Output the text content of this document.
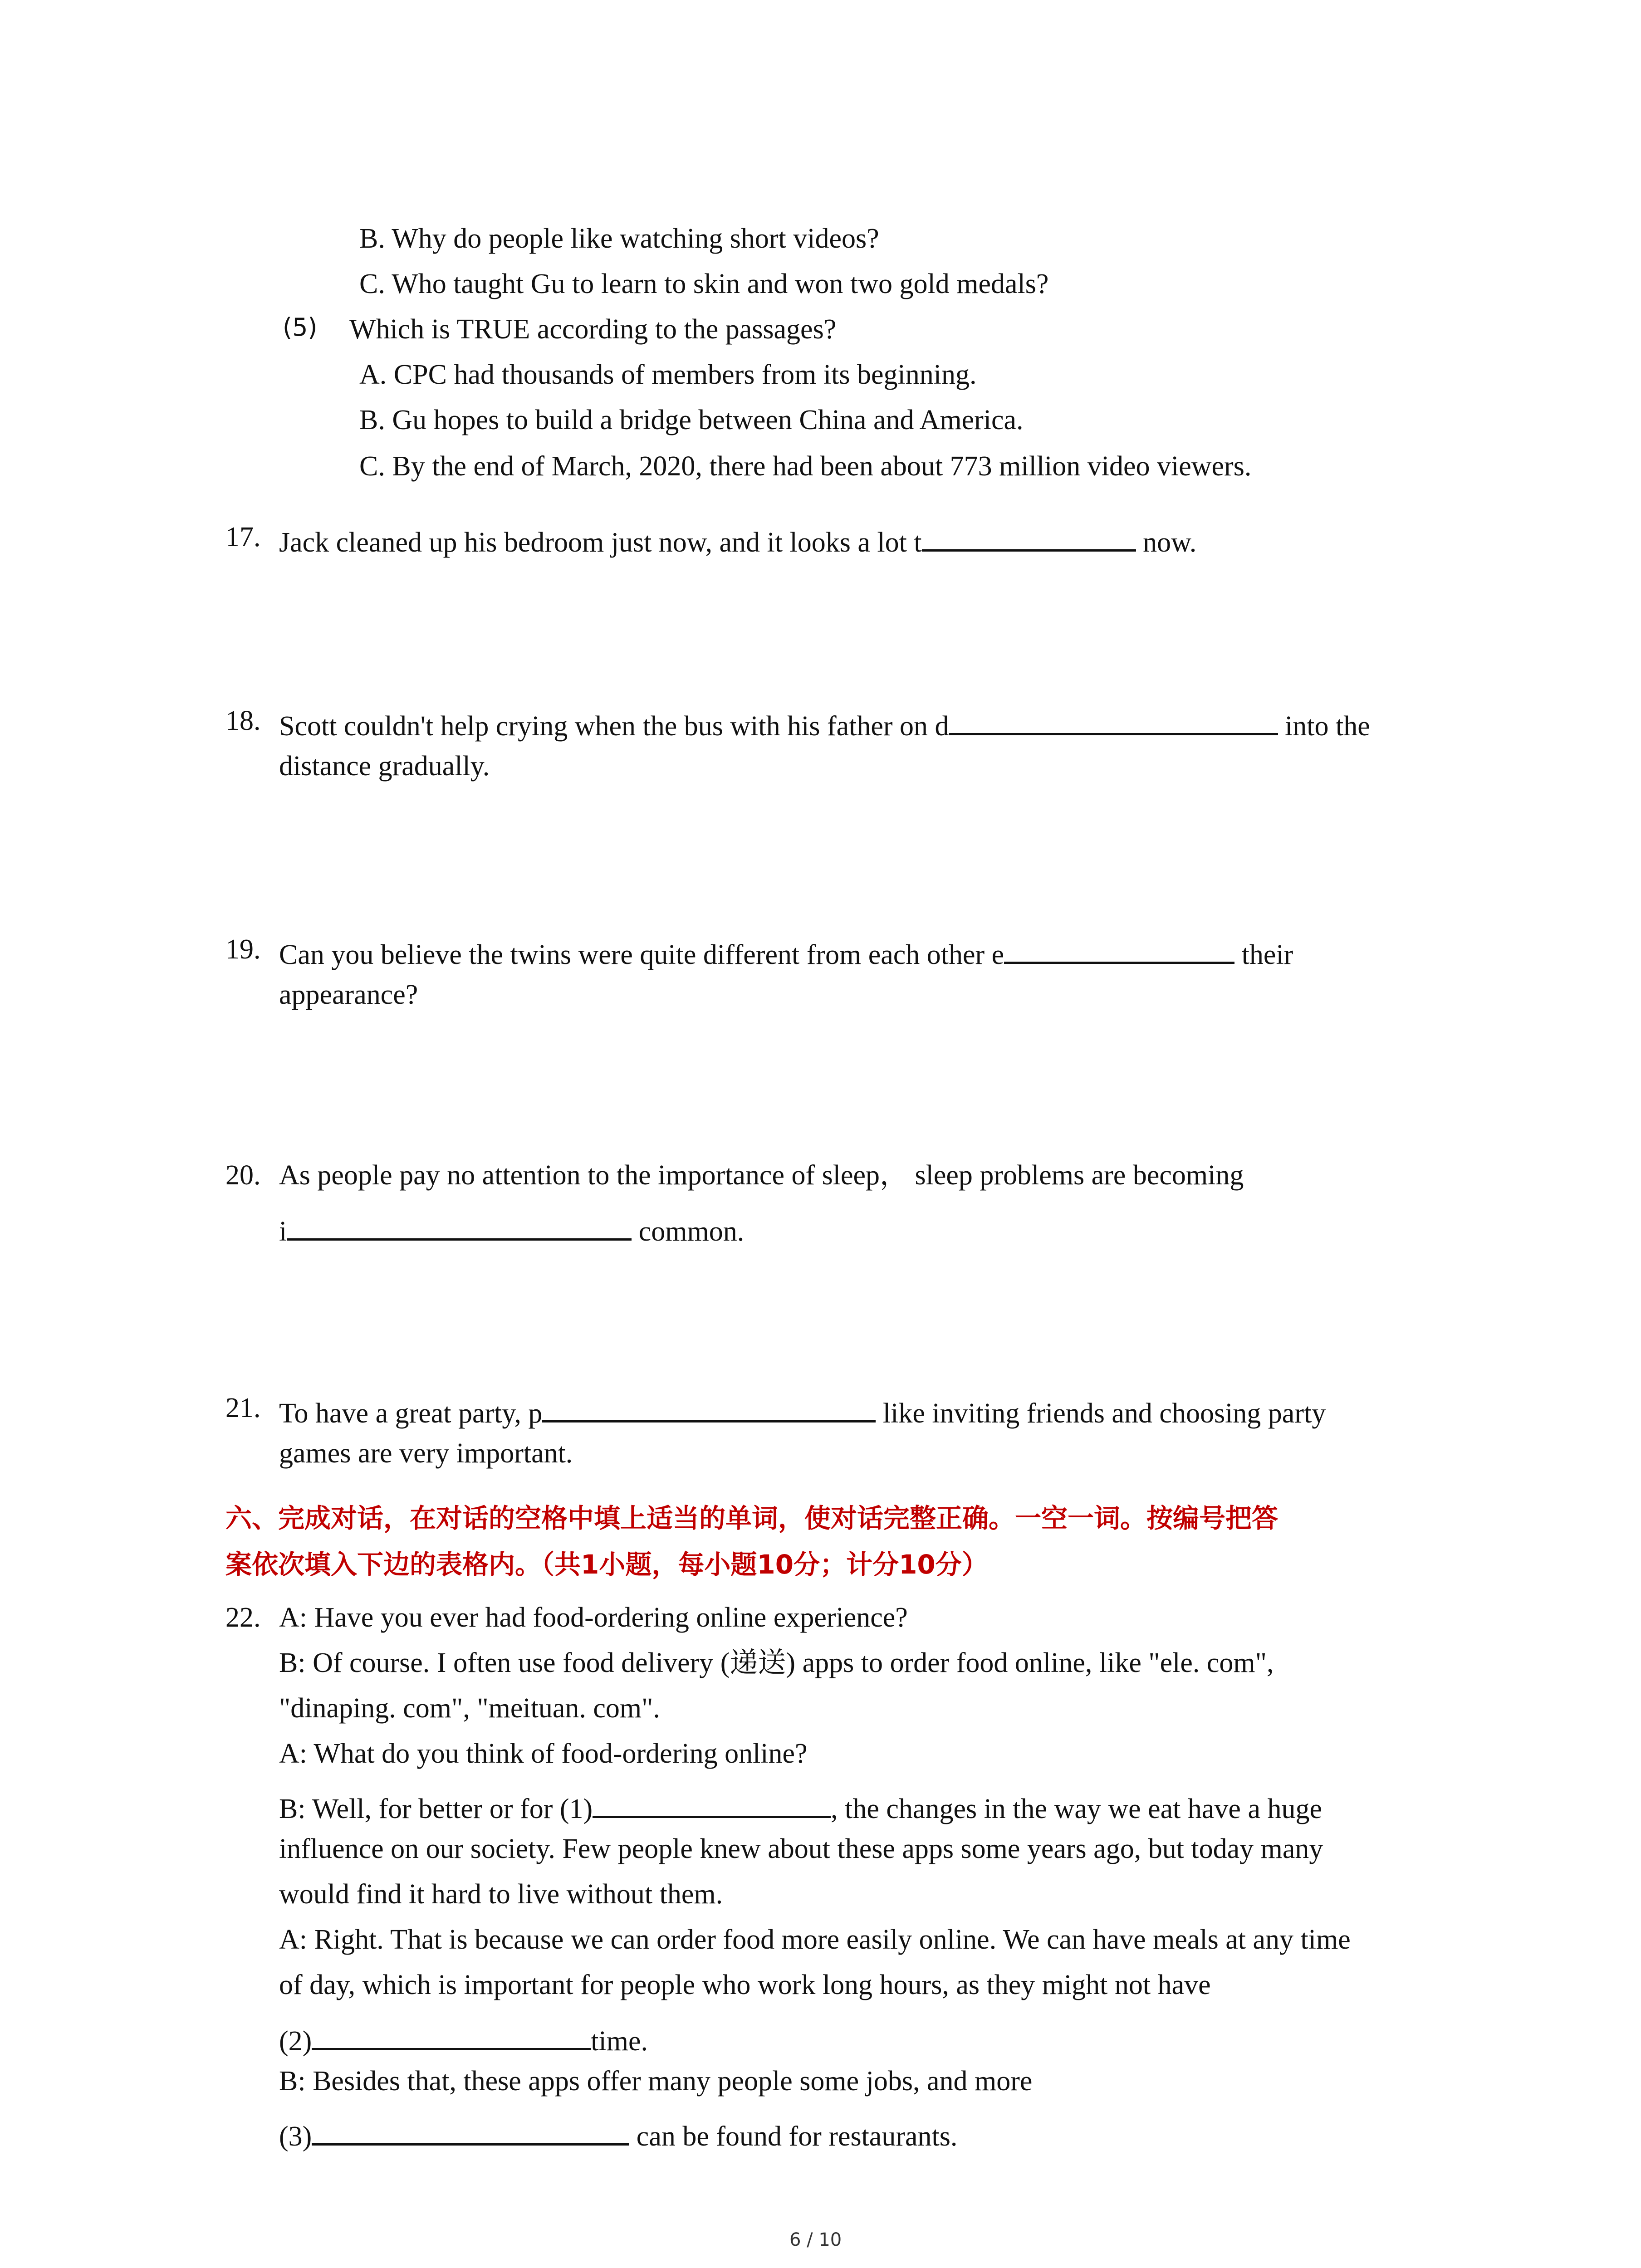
B. Why do people like watching short videos?
C. Who taught Gu to learn to skin and won two gold medals?
(5) Which is TRUE according to the passages?
A. CPC had thousands of members from its beginning.
B. Gu hopes to build a bridge between China and America.
C. By the end of March, 2020, there had been about 773 million video viewers.
17. Jack cleaned up his bedroom just now, and it looks a lot t	now.
18. Scott couldn't help crying when the bus with his father on d	into the
distance gradually.
19. Can you believe the twins were quite different from each other e	their
appearance?
20. As people pay no attention to the importance of sleep， sleep problems are becoming
i	common.
21. To have a great party, p	like inviting friends and choosing party
games are very important.
六、完成对话，在对话的空格中填上适当的单词，使对话完整正确。一空一词。按编号把答
案依次填入下边的表格内。（共1小题，每小题10分；计分10分）
22. A: Have you ever had food-ordering online experience?
B: Of course. I often use food delivery (递送) apps to order food online, like "ele. com",
"dinaping. com", "meituan. com".
A: What do you think of food-ordering online?
B: Well, for better or for (1)	, the changes in the way we eat have a huge
influence on our society. Few people knew about these apps some years ago, but today many
would find it hard to live without them.
A: Right. That is because we can order food more easily online. We can have meals at any time
of day, which is important for people who work long hours, as they might not have
(2)	time.
B: Besides that, these apps offer many people some jobs, and more
(3)	can be found for restaurants.
6 / 10
